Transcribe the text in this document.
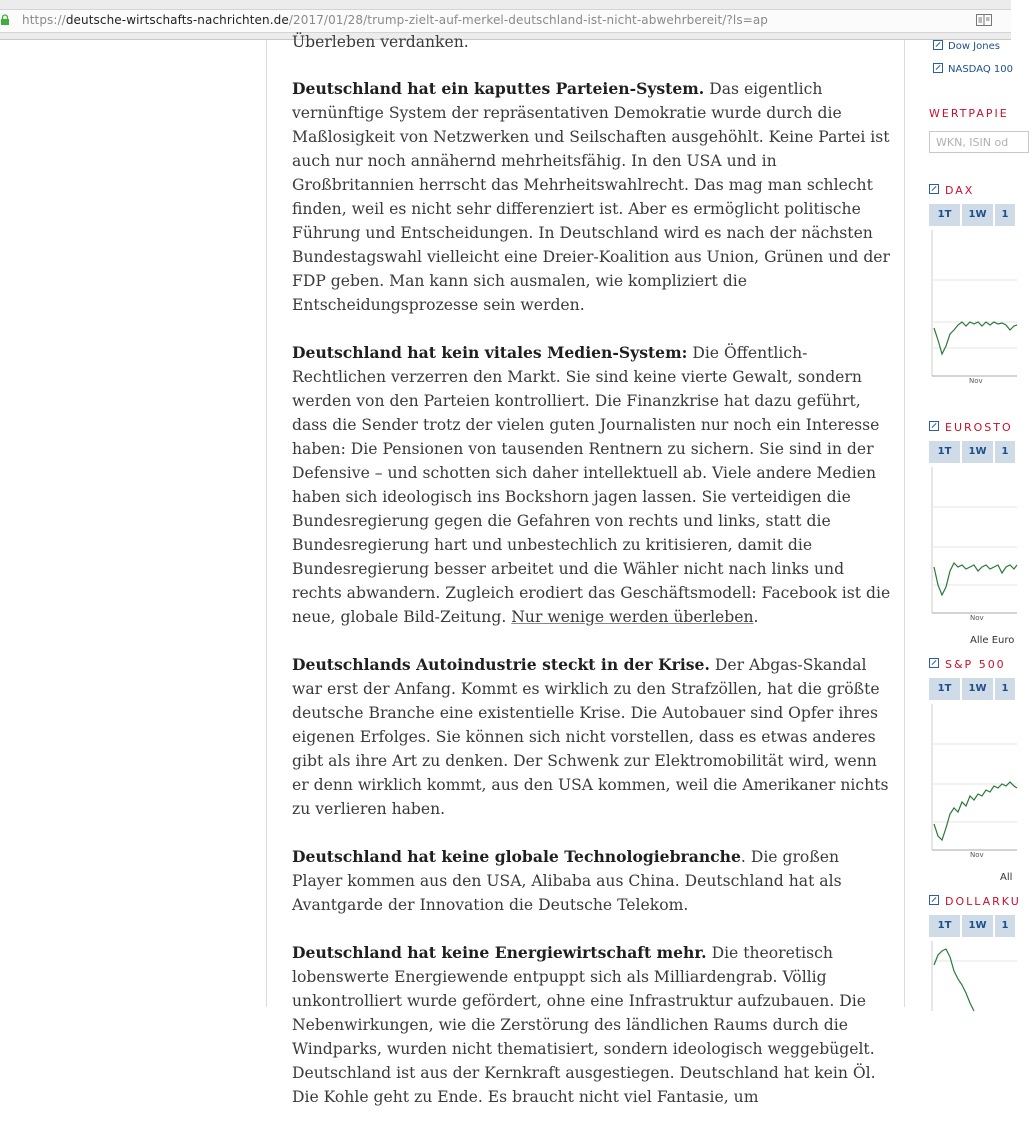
https://deutsche-wirtschafts-nachrichten.de/2017/01/28/trump-zielt-auf-merkel-deutschland-ist-nicht-abwehrbereit/?ls=ap

Überleben verdanken.

Deutschland hat ein kaputtes Parteien-System. Das eigentlich vernünftige System der repräsentativen Demokratie wurde durch die Maßlosigkeit von Netzwerken und Seilschaften ausgehöhlt. Keine Partei ist auch nur noch annähernd mehrheitsfähig. In den USA und in Großbritannien herrscht das Mehrheitswahlrecht. Das mag man schlecht finden, weil es nicht sehr differenziert ist. Aber es ermöglicht politische Führung und Entscheidungen. In Deutschland wird es nach der nächsten Bundestagswahl vielleicht eine Dreier-Koalition aus Union, Grünen und der FDP geben. Man kann sich ausmalen, wie kompliziert die Entscheidungsprozesse sein werden.

Deutschland hat kein vitales Medien-System: Die Öffentlich-Rechtlichen verzerren den Markt. Sie sind keine vierte Gewalt, sondern werden von den Parteien kontrolliert. Die Finanzkrise hat dazu geführt, dass die Sender trotz der vielen guten Journalisten nur noch ein Interesse haben: Die Pensionen von tausenden Rentnern zu sichern. Sie sind in der Defensive – und schotten sich daher intellektuell ab. Viele andere Medien haben sich ideologisch ins Bockshorn jagen lassen. Sie verteidigen die Bundesregierung gegen die Gefahren von rechts und links, statt die Bundesregierung hart und unbestechlich zu kritisieren, damit die Bundesregierung besser arbeitet und die Wähler nicht nach links und rechts abwandern. Zugleich erodiert das Geschäftsmodell: Facebook ist die neue, globale Bild-Zeitung. Nur wenige werden überleben.

Deutschlands Autoindustrie steckt in der Krise. Der Abgas-Skandal war erst der Anfang. Kommt es wirklich zu den Strafzöllen, hat die größte deutsche Branche eine existentielle Krise. Die Autobauer sind Opfer ihres eigenen Erfolges. Sie können sich nicht vorstellen, dass es etwas anderes gibt als ihre Art zu denken. Der Schwenk zur Elektromobilität wird, wenn er denn wirklich kommt, aus den USA kommen, weil die Amerikaner nichts zu verlieren haben.

Deutschland hat keine globale Technologiebranche. Die großen Player kommen aus den USA, Alibaba aus China. Deutschland hat als Avantgarde der Innovation die Deutsche Telekom.

Deutschland hat keine Energiewirtschaft mehr. Die theoretisch lobenswerte Energiewende entpuppt sich als Milliardengrab. Völlig unkontrolliert wurde gefördert, ohne eine Infrastruktur aufzubauen. Die Nebenwirkungen, wie die Zerstörung des ländlichen Raums durch die Windparks, wurden nicht thematisiert, sondern ideologisch weggebügelt. Deutschland ist aus der Kernkraft ausgestiegen. Deutschland hat kein Öl. Die Kohle geht zu Ende. Es braucht nicht viel Fantasie, um

Dow Jones
NASDAQ 100
WERTPAPIE
WKN, ISIN od
DAX
1T 1W 1
Nov
EUROSTO
1T 1W 1
Nov
Alle Euro
S&P 500
1T 1W 1
Nov
All
DOLLARKU
1T 1W 1
